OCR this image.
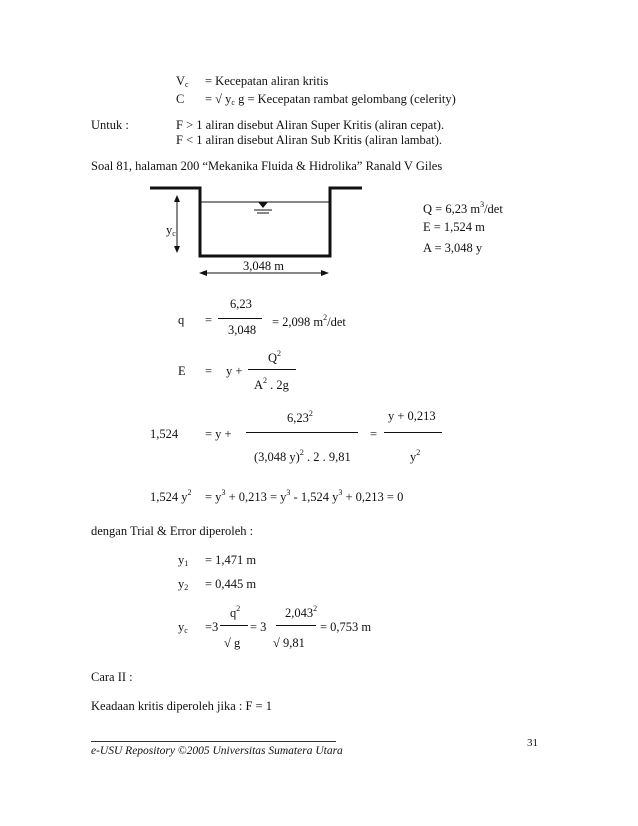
$V_c$ = Kecepatan aliran kritis
C = √ $y_c$ g = Kecepatan rambat gelombang (celerity)
Untuk :	F > 1 aliran disebut Aliran Super Kritis (aliran cepat).
F < 1 aliran disebut Aliran Sub Kritis (aliran lambat).
Soal 81, halaman 200 “Mekanika Fluida & Hidrolika” Ranald V Giles
$y_c$
3,048 m
Q = 6,23 $m^3/\det$
E = 1,524 m
A = 3,048 y
6,23
q =
3,048
= 2,098 $m^2/\det$
$Q^2$
E = y +
$A^2$ . 2g
6,23$^2$	y + 0,213
1,524 = y +	=
(3,048 y)$^2$ . 2 . 9,81	$y^2$
1,524 $y^2 = y^3 + 0,213 = y^3 - 1,524$ $y^3 + 0,213 = 0$
dengan Trial & Error diperoleh :
$y_1 = 1,471$ m
$y_2 = 0,445$ m
$q^2$	2,043$^2$
$y_c =3$	= 3	= 0,753 m
√ g	√ 9,81
Cara II :
Keadaan kritis diperoleh jika : F = 1
31
e-USU Repository ©2005 Universitas Sumatera Utara
